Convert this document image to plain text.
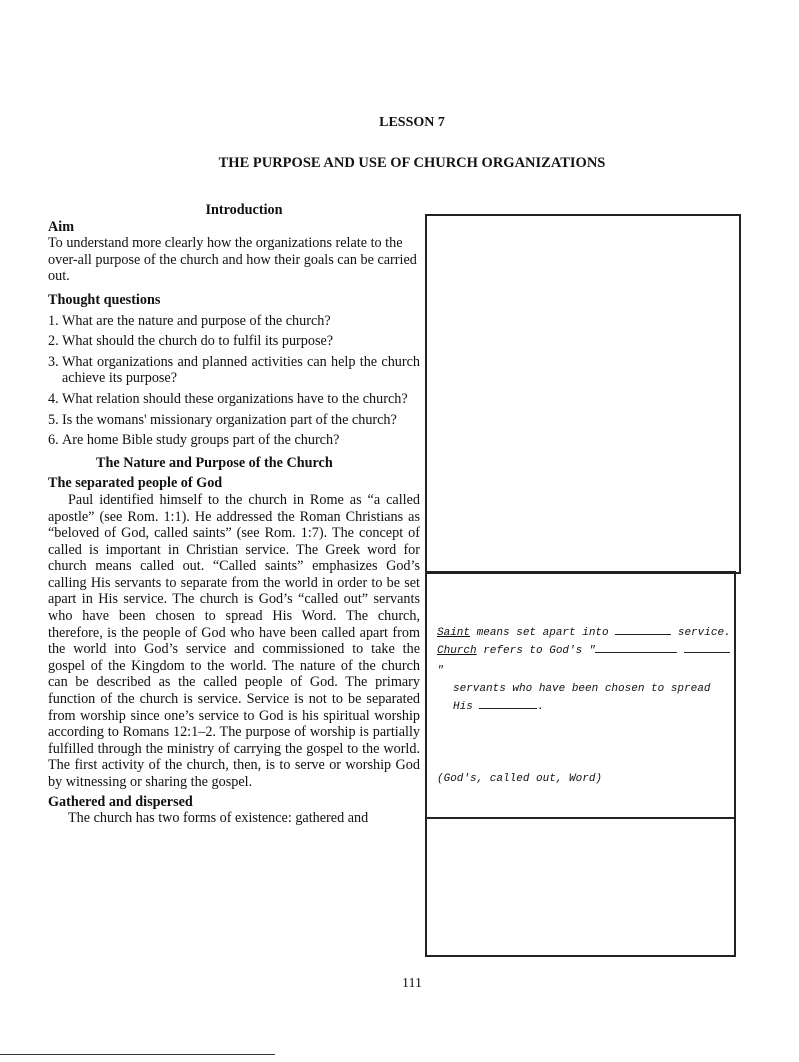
LESSON 7
THE PURPOSE AND USE OF CHURCH ORGANIZATIONS
Introduction

Aim

To understand more clearly how the organizations relate to the over-all purpose of the church and how their goals can be carried out.

Thought questions

1. What are the nature and purpose of the church?
2. What should the church do to fulfil its purpose?
3. What organizations and planned activities can help the church achieve its purpose?
4. What relation should these organizations have to the church?
5. Is the womans' missionary organization part of the church?
6. Are home Bible study groups part of the church?
The Nature and Purpose of the Church

The separated people of God

Paul identified himself to the church in Rome as “a called apostle” (see Rom. 1:1). He addressed the Roman Christians as “beloved of God, called saints” (see Rom. 1:7). The concept of called is important in Christian service. The Greek word for church means called out. “Called saints” emphasizes God’s calling His servants to separate from the world in order to be set apart in His service. The church is God’s “called out” servants who have been chosen to spread His Word. The church, therefore, is the people of God who have been called apart from the world into God’s service and commissioned to take the gospel of the Kingdom to the world. The nature of the church can be described as the called people of God. The primary function of the church is service. Service is not to be separated from worship since one’s service to God is his spiritual worship according to Romans 12:1–2. The purpose of worship is partially fulfilled through the ministry of carrying the gospel to the world. The first activity of the church, then, is to serve or worship God by witnessing or sharing the gospel.

Gathered and dispersed

The church has two forms of existence: gathered and

Saint means set apart into	service.
Church refers to God's " "
servants who have been chosen to spread
His	.
(God's, called out, Word)
111
